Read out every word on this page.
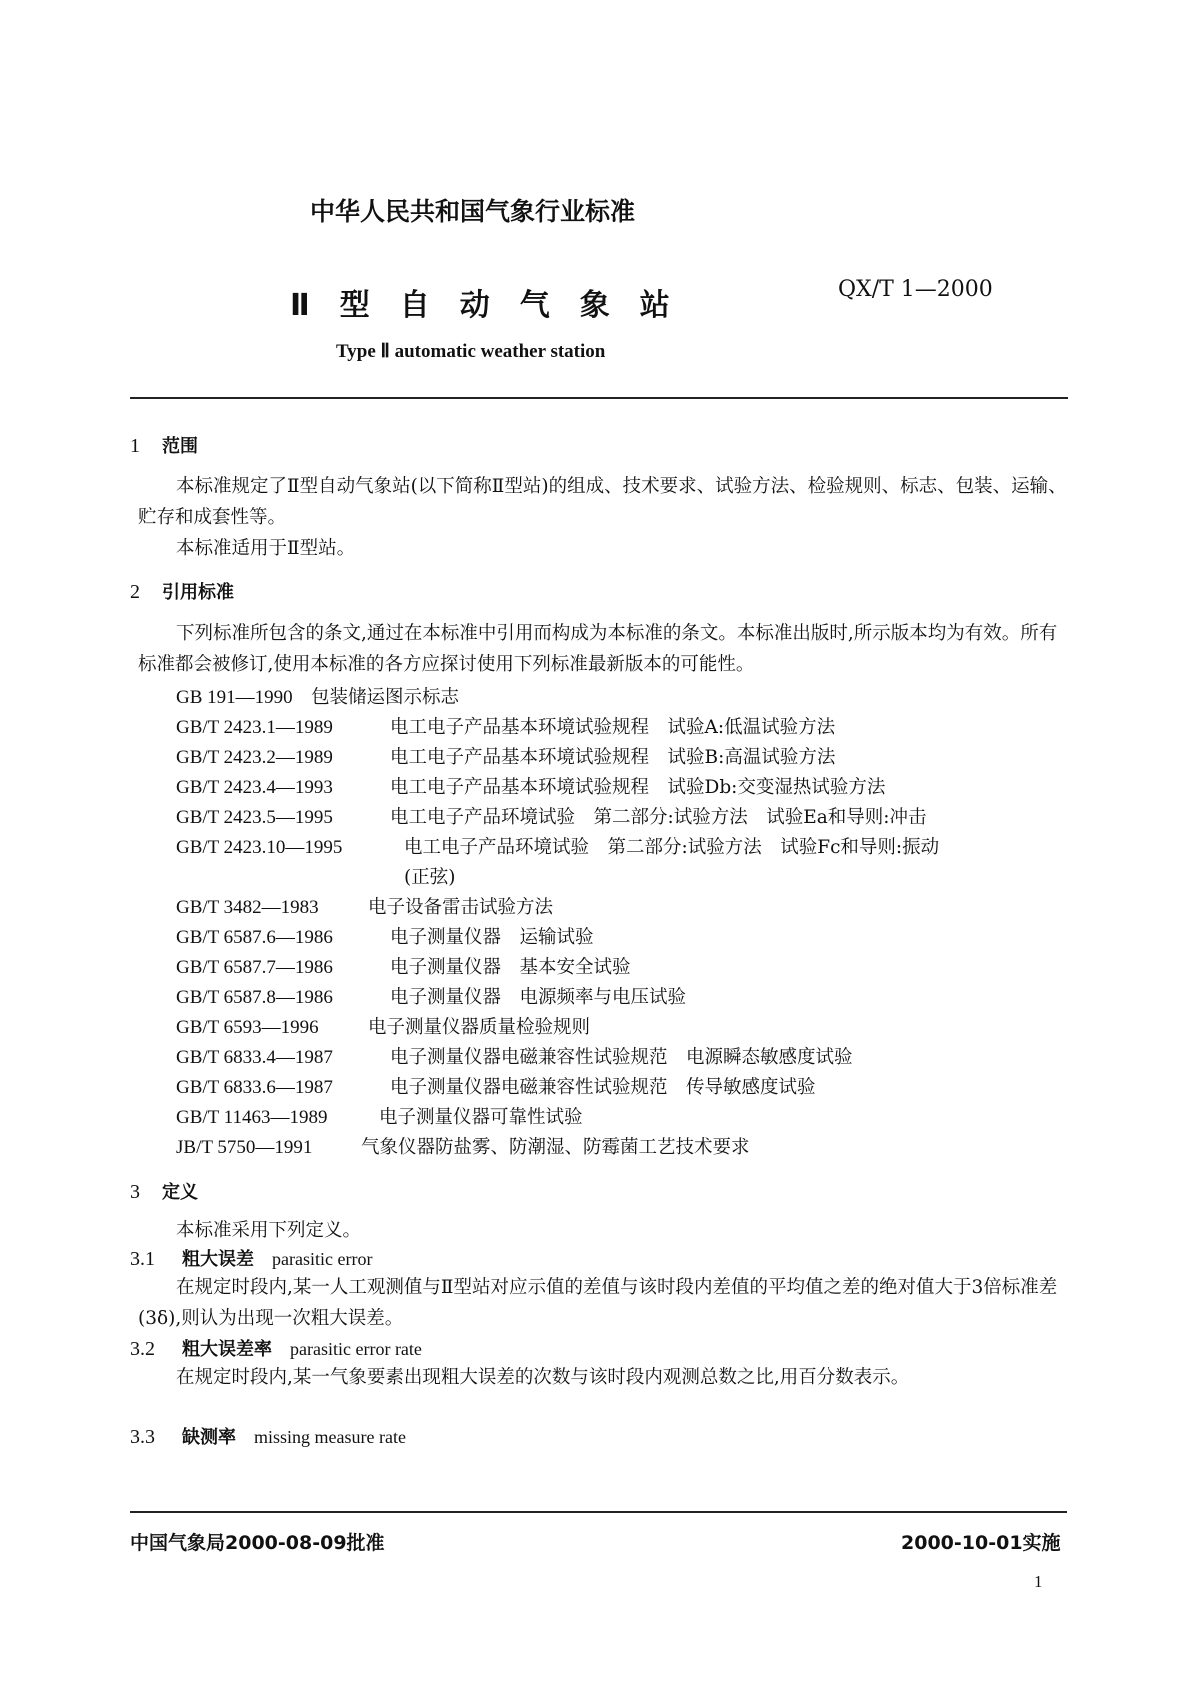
中华人民共和国气象行业标准
Ⅱ型自动气象站	QX/T 1—2000
Type Ⅱ automatic weather station
1 范围
本标准规定了Ⅱ型自动气象站(以下简称Ⅱ型站)的组成、技术要求、试验方法、检验规则、标志、包装、运输、贮存和成套性等。
本标准适用于Ⅱ型站。
2 引用标准
下列标准所包含的条文,通过在本标准中引用而构成为本标准的条文。本标准出版时,所示版本均为有效。所有标准都会被修订,使用本标准的各方应探讨使用下列标准最新版本的可能性。
GB 191—1990 包装储运图示标志
GB/T 2423.1—1989	电工电子产品基本环境试验规程　试验A:低温试验方法
GB/T 2423.2—1989	电工电子产品基本环境试验规程　试验B:高温试验方法
GB/T 2423.4—1993	电工电子产品基本环境试验规程　试验Db:交变湿热试验方法
GB/T 2423.5—1995	电工电子产品环境试验　第二部分:试验方法　试验Ea和导则:冲击
GB/T 2423.10—1995	电工电子产品环境试验　第二部分:试验方法　试验Fc和导则:振动
(正弦)
GB/T 3482—1983	电子设备雷击试验方法
GB/T 6587.6—1986	电子测量仪器　运输试验
GB/T 6587.7—1986	电子测量仪器　基本安全试验
GB/T 6587.8—1986	电子测量仪器　电源频率与电压试验
GB/T 6593—1996	电子测量仪器质量检验规则
GB/T 6833.4—1987	电子测量仪器电磁兼容性试验规范　电源瞬态敏感度试验
GB/T 6833.6—1987	电子测量仪器电磁兼容性试验规范　传导敏感度试验
GB/T 11463—1989	电子测量仪器可靠性试验
JB/T 5750—1991	气象仪器防盐雾、防潮湿、防霉菌工艺技术要求
3 定义
本标准采用下列定义。
3.1 粗大误差 parasitic error
在规定时段内,某一人工观测值与Ⅱ型站对应示值的差值与该时段内差值的平均值之差的绝对值大于3倍标准差(3δ),则认为出现一次粗大误差。
3.2 粗大误差率 parasitic error rate
在规定时段内,某一气象要素出现粗大误差的次数与该时段内观测总数之比,用百分数表示。
3.3 缺测率 missing measure rate
中国气象局2000-08-09批准	2000-10-01实施
1
